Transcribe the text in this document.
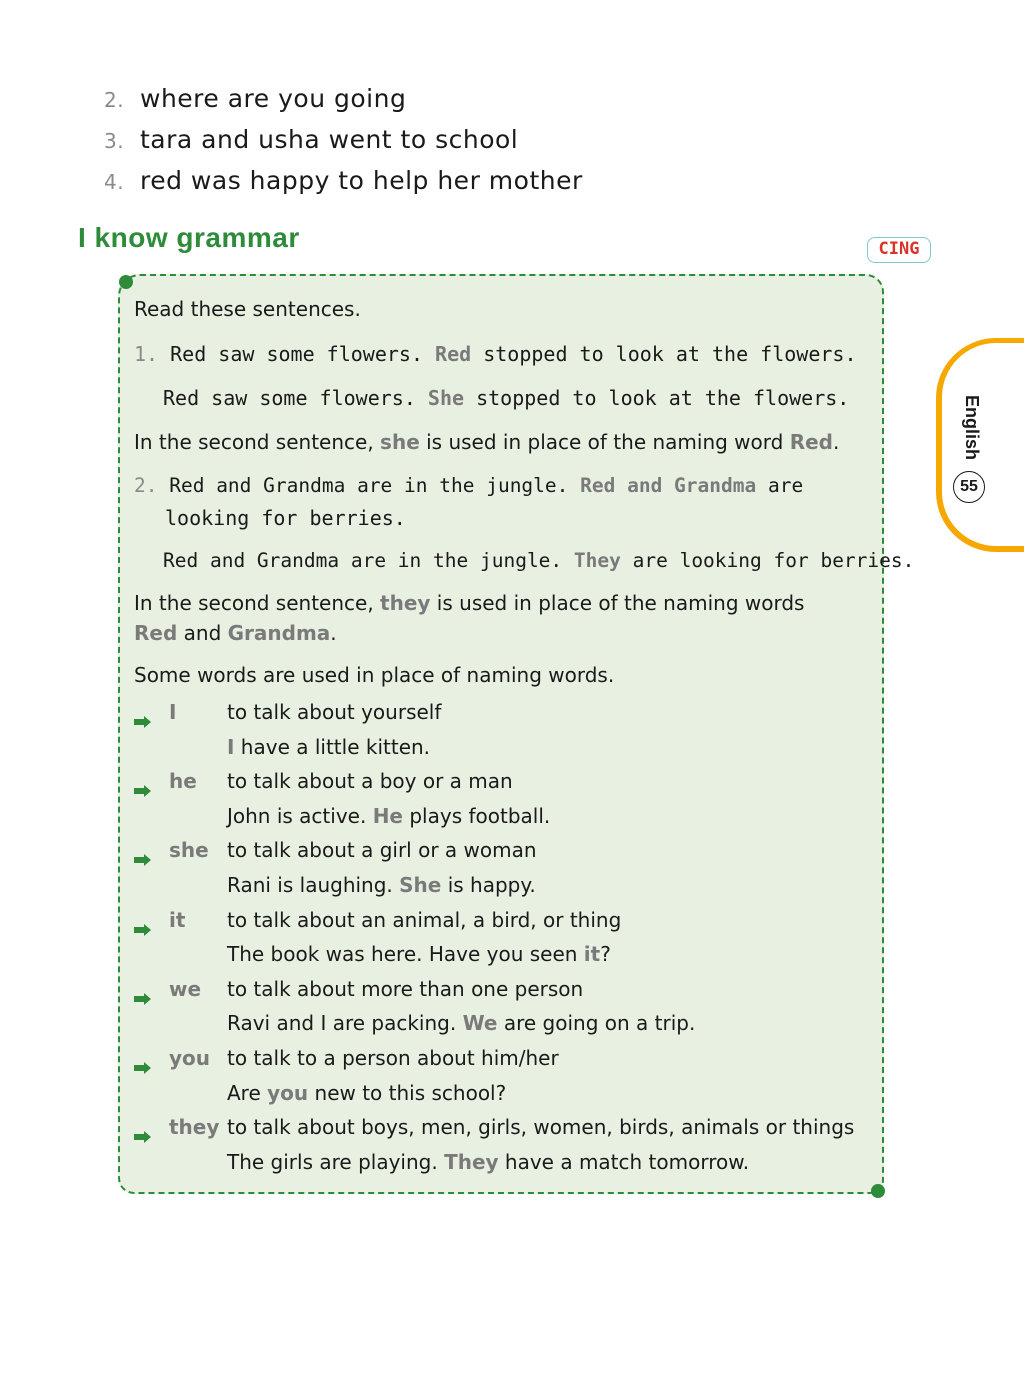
2. where are you going
3. tara and usha went to school
4. red was happy to help her mother
I know grammar	CING
English
55
Read these sentences.
1. Red saw some flowers. Red stopped to look at the flowers.
Red saw some flowers. She stopped to look at the flowers.
In the second sentence, she is used in place of the naming word Red.
2. Red and Grandma are in the jungle. Red and Grandma are
looking for berries.
Red and Grandma are in the jungle. They are looking for berries.
In the second sentence, they is used in place of the naming words
Red and Grandma.
Some words are used in place of naming words.
I	to talk about yourself
I have a little kitten.
he to talk about a boy or a man
John is active. He plays football.
she to talk about a girl or a woman
Rani is laughing. She is happy.
it to talk about an animal, a bird, or thing
The book was here. Have you seen it?
we to talk about more than one person
Ravi and I are packing. We are going on a trip.
you to talk to a person about him/her
Are you new to this school?
they to talk about boys, men, girls, women, birds, animals or things
The girls are playing. They have a match tomorrow.
